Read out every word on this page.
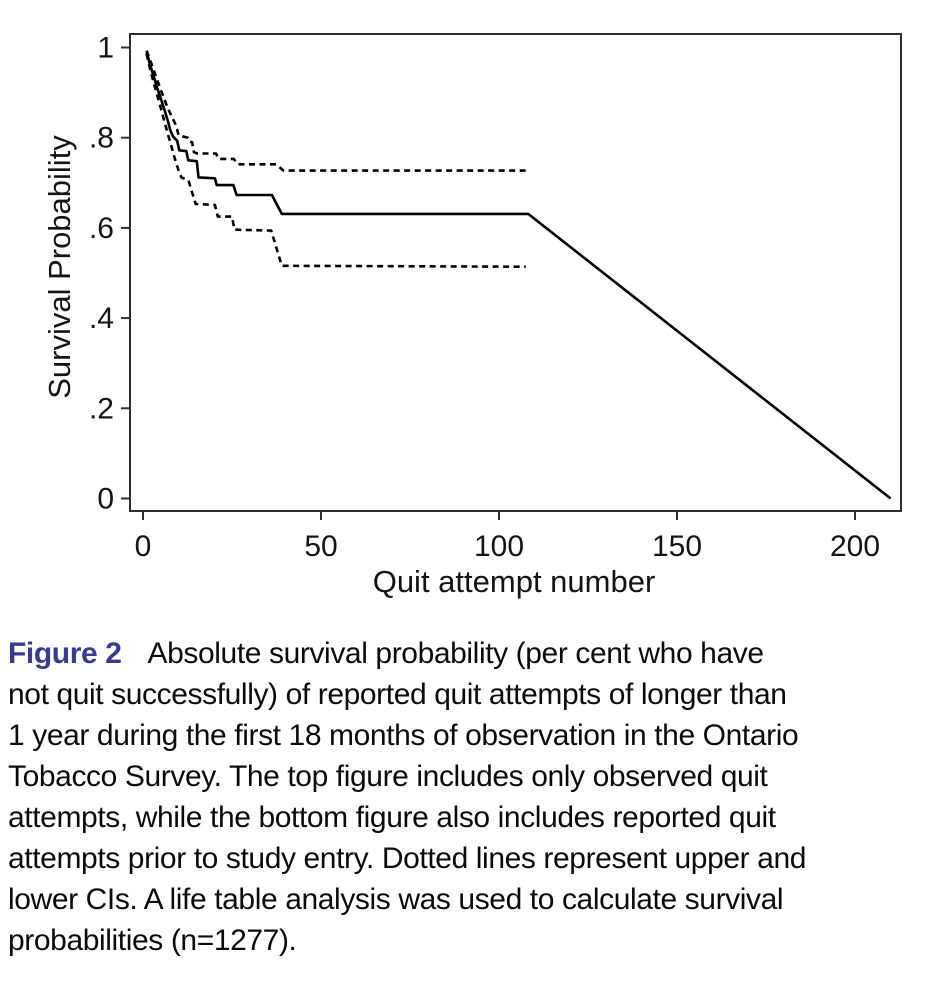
1
.8
.6
.4
.2
0
200
150
100
50
0
Survival Probability
Quit attempt number
Figure 2 Absolute survival probability (per cent who have
not quit successfully) of reported quit attempts of longer than
1 year during the first 18 months of observation in the Ontario
Tobacco Survey. The top figure includes only observed quit
attempts, while the bottom figure also includes reported quit
attempts prior to study entry. Dotted lines represent upper and
lower CIs. A life table analysis was used to calculate survival
probabilities (n=1277).
